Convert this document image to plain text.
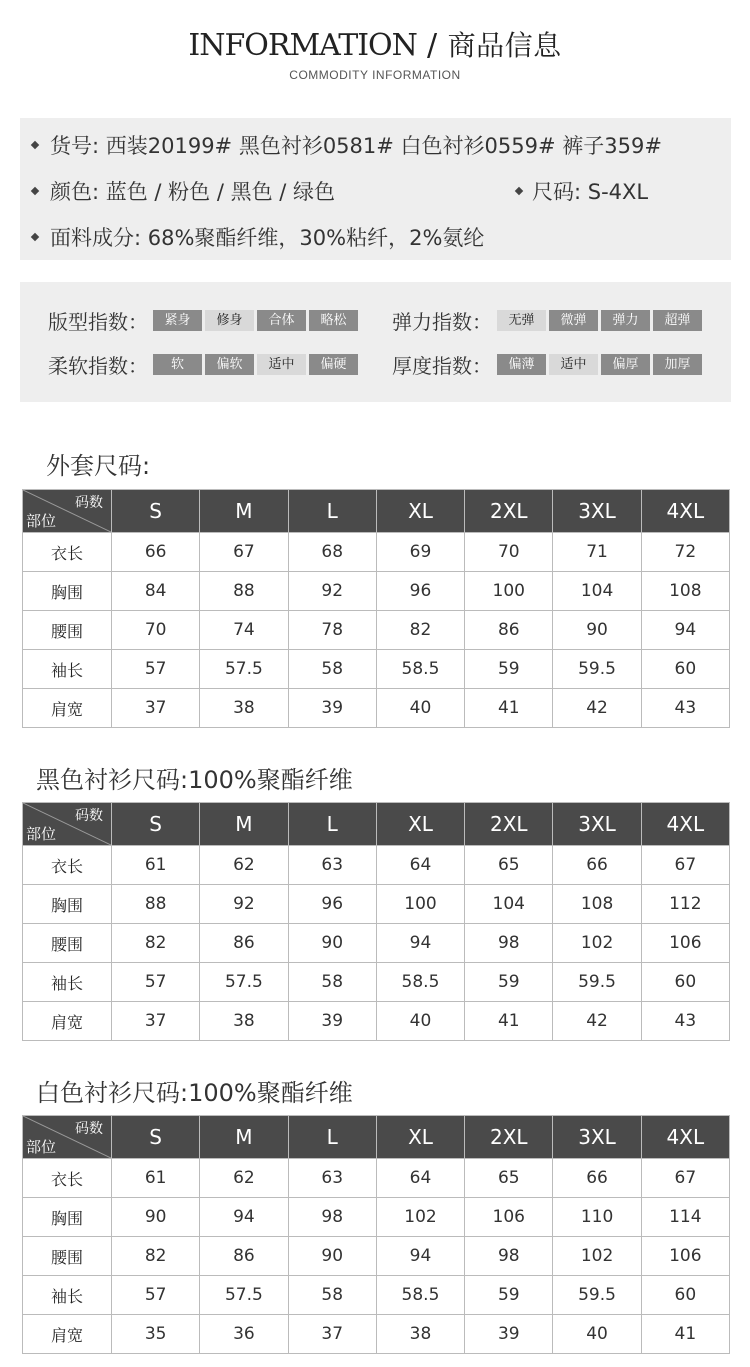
INFORMATION / 商品信息
COMMODITY INFORMATION
货号: 西装20199# 黑色衬衫0581# 白色衬衫0559# 裤子359#
颜色: 蓝色 / 粉色 / 黑色 / 绿色	尺码: S-4XL
面料成分: 68%聚酯纤维，30%粘纤，2%氨纶
版型指数：	紧身	修身	合体	略松	弹力指数：	无弹	微弹	弹力	超弹
柔软指数：	软	偏软	适中	偏硬	厚度指数：	偏薄	适中	偏厚	加厚
外套尺码:
码数
部位	S	M	L	XL	2XL	3XL	4XL
衣长	66	67	68	69	70	71	72
胸围	84	88	92	96	100	104	108
腰围	70	74	78	82	86	90	94
袖长	57	57.5	58	58.5	59	59.5	60
肩宽	37	38	39	40	41	42	43
黑色衬衫尺码:100%聚酯纤维
码数
部位	S	M	L	XL	2XL	3XL	4XL
衣长	61	62	63	64	65	66	67
胸围	88	92	96	100	104	108	112
腰围	82	86	90	94	98	102	106
袖长	57	57.5	58	58.5	59	59.5	60
肩宽	37	38	39	40	41	42	43
白色衬衫尺码:100%聚酯纤维
码数
部位	S	M	L	XL	2XL	3XL	4XL
衣长	61	62	63	64	65	66	67
胸围	90	94	98	102	106	110	114
腰围	82	86	90	94	98	102	106
袖长	57	57.5	58	58.5	59	59.5	60
肩宽	35	36	37	38	39	40	41
